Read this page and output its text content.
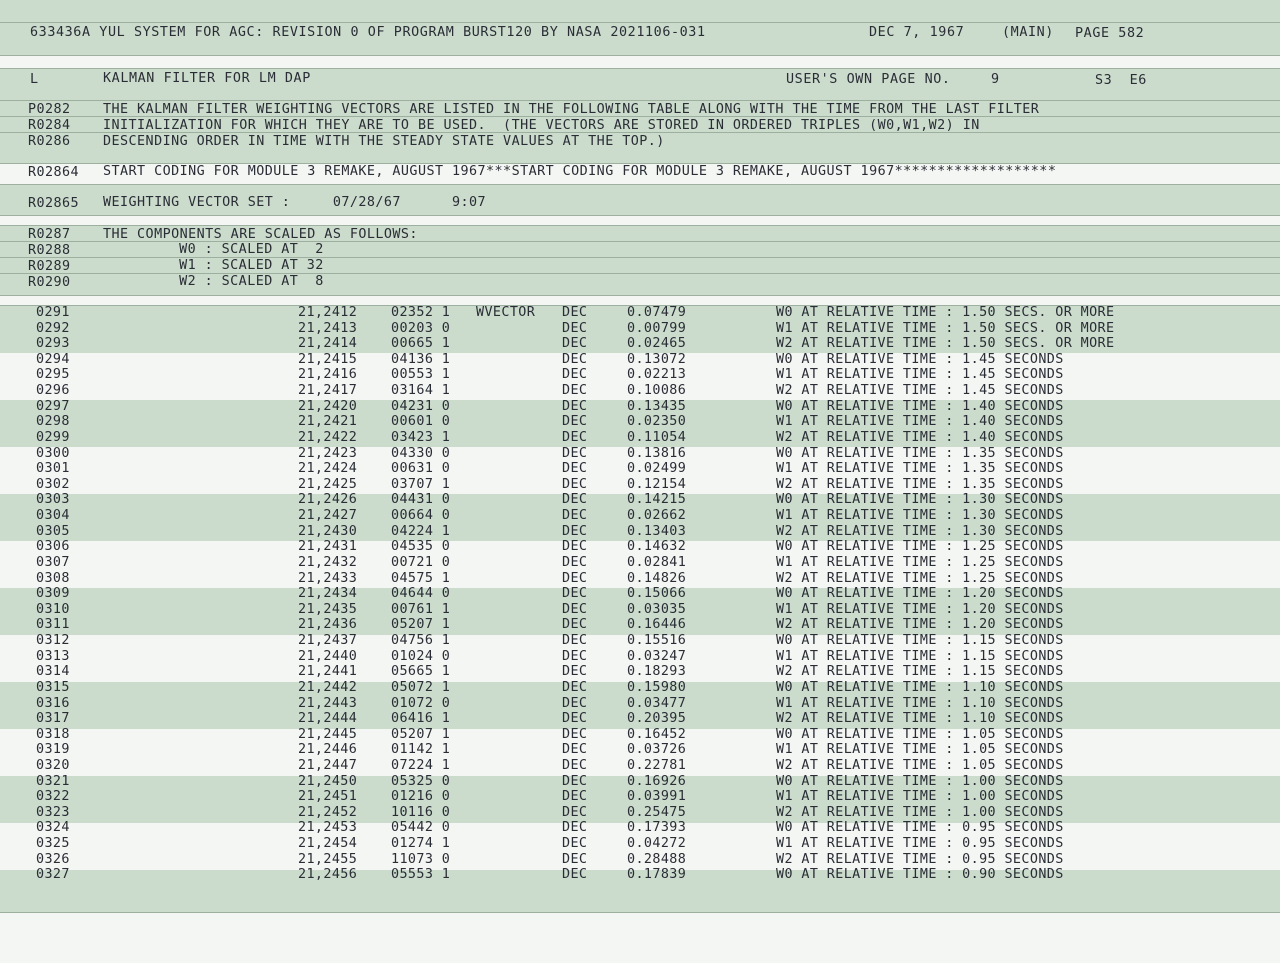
633436A YUL SYSTEM FOR AGC: REVISION 0 OF PROGRAM BURST120 BY NASA 2021106-031	DEC 7, 1967	(MAIN) PAGE 582
L	KALMAN FILTER FOR LM DAP	USER'S OWN PAGE NO.	9	S3  E6
P0282 THE KALMAN FILTER WEIGHTING VECTORS ARE LISTED IN THE FOLLOWING TABLE ALONG WITH THE TIME FROM THE LAST FILTER
R0284 INITIALIZATION FOR WHICH THEY ARE TO BE USED.  (THE VECTORS ARE STORED IN ORDERED TRIPLES (W0,W1,W2) IN
R0286 DESCENDING ORDER IN TIME WITH THE STEADY STATE VALUES AT THE TOP.)
R02864 START CODING FOR MODULE 3 REMAKE, AUGUST 1967***START CODING FOR MODULE 3 REMAKE, AUGUST 1967*******************
R02865 WEIGHTING VECTOR SET :     07/28/67      9:07
R0287 THE COMPONENTS ARE SCALED AS FOLLOWS:
R0288	W0 : SCALED AT  2
R0289	W1 : SCALED AT 32
R0290	W2 : SCALED AT  8
0291	21,2412	02352 1 WVECTOR DEC	0.07479	W0 AT RELATIVE TIME : 1.50 SECS. OR MORE
0292	21,2413	00203 0	DEC	0.00799	W1 AT RELATIVE TIME : 1.50 SECS. OR MORE
0293	21,2414	00665 1	DEC	0.02465	W2 AT RELATIVE TIME : 1.50 SECS. OR MORE
0294	21,2415	04136 1	DEC	0.13072	W0 AT RELATIVE TIME : 1.45 SECONDS
0295	21,2416	00553 1	DEC	0.02213	W1 AT RELATIVE TIME : 1.45 SECONDS
0296	21,2417	03164 1	DEC	0.10086	W2 AT RELATIVE TIME : 1.45 SECONDS
0297	21,2420	04231 0	DEC	0.13435	W0 AT RELATIVE TIME : 1.40 SECONDS
0298	21,2421	00601 0	DEC	0.02350	W1 AT RELATIVE TIME : 1.40 SECONDS
0299	21,2422	03423 1	DEC	0.11054	W2 AT RELATIVE TIME : 1.40 SECONDS
0300	21,2423	04330 0	DEC	0.13816	W0 AT RELATIVE TIME : 1.35 SECONDS
0301	21,2424	00631 0	DEC	0.02499	W1 AT RELATIVE TIME : 1.35 SECONDS
0302	21,2425	03707 1	DEC	0.12154	W2 AT RELATIVE TIME : 1.35 SECONDS
0303	21,2426	04431 0	DEC	0.14215	W0 AT RELATIVE TIME : 1.30 SECONDS
0304	21,2427	00664 0	DEC	0.02662	W1 AT RELATIVE TIME : 1.30 SECONDS
0305	21,2430	04224 1	DEC	0.13403	W2 AT RELATIVE TIME : 1.30 SECONDS
0306	21,2431	04535 0	DEC	0.14632	W0 AT RELATIVE TIME : 1.25 SECONDS
0307	21,2432	00721 0	DEC	0.02841	W1 AT RELATIVE TIME : 1.25 SECONDS
0308	21,2433	04575 1	DEC	0.14826	W2 AT RELATIVE TIME : 1.25 SECONDS
0309	21,2434	04644 0	DEC	0.15066	W0 AT RELATIVE TIME : 1.20 SECONDS
0310	21,2435	00761 1	DEC	0.03035	W1 AT RELATIVE TIME : 1.20 SECONDS
0311	21,2436	05207 1	DEC	0.16446	W2 AT RELATIVE TIME : 1.20 SECONDS
0312	21,2437	04756 1	DEC	0.15516	W0 AT RELATIVE TIME : 1.15 SECONDS
0313	21,2440	01024 0	DEC	0.03247	W1 AT RELATIVE TIME : 1.15 SECONDS
0314	21,2441	05665 1	DEC	0.18293	W2 AT RELATIVE TIME : 1.15 SECONDS
0315	21,2442	05072 1	DEC	0.15980	W0 AT RELATIVE TIME : 1.10 SECONDS
0316	21,2443	01072 0	DEC	0.03477	W1 AT RELATIVE TIME : 1.10 SECONDS
0317	21,2444	06416 1	DEC	0.20395	W2 AT RELATIVE TIME : 1.10 SECONDS
0318	21,2445	05207 1	DEC	0.16452	W0 AT RELATIVE TIME : 1.05 SECONDS
0319	21,2446	01142 1	DEC	0.03726	W1 AT RELATIVE TIME : 1.05 SECONDS
0320	21,2447	07224 1	DEC	0.22781	W2 AT RELATIVE TIME : 1.05 SECONDS
0321	21,2450	05325 0	DEC	0.16926	W0 AT RELATIVE TIME : 1.00 SECONDS
0322	21,2451	01216 0	DEC	0.03991	W1 AT RELATIVE TIME : 1.00 SECONDS
0323	21,2452	10116 0	DEC	0.25475	W2 AT RELATIVE TIME : 1.00 SECONDS
0324	21,2453	05442 0	DEC	0.17393	W0 AT RELATIVE TIME : 0.95 SECONDS
0325	21,2454	01274 1	DEC	0.04272	W1 AT RELATIVE TIME : 0.95 SECONDS
0326	21,2455	11073 0	DEC	0.28488	W2 AT RELATIVE TIME : 0.95 SECONDS
0327	21,2456	05553 1	DEC	0.17839	W0 AT RELATIVE TIME : 0.90 SECONDS
